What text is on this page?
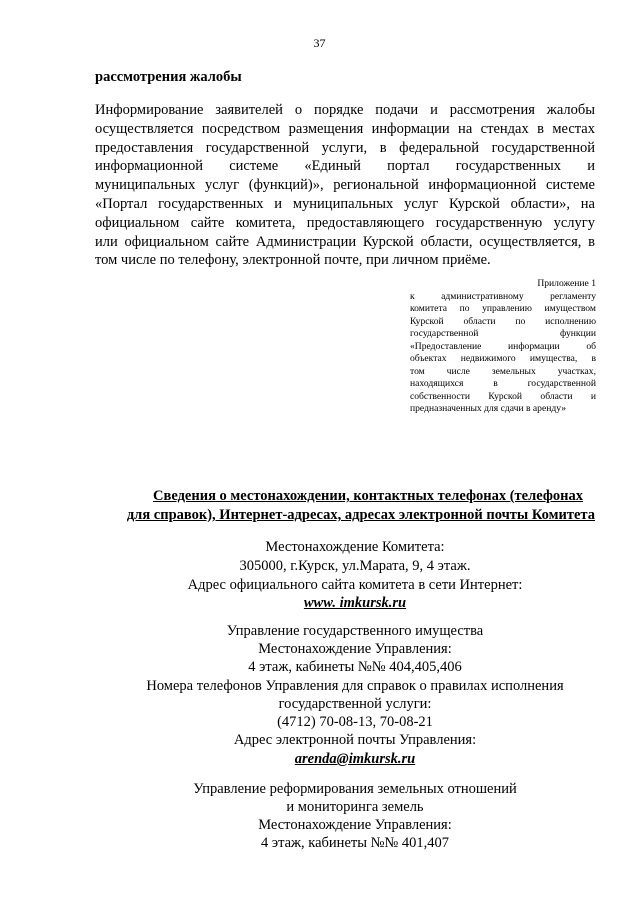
37
рассмотрения жалобы
Информирование заявителей о порядке подачи и рассмотрения жалобы
осуществляется посредством размещения информации на стендах в местах
предоставления государственной услуги, в федеральной государственной
информационной системе «Единый портал государственных и
муниципальных услуг (функций)», региональной информационной системе
«Портал государственных и муниципальных услуг Курской области», на
официальном сайте комитета, предоставляющего государственную услугу
или официальном сайте Администрации Курской области, осуществляется, в
том числе по телефону, электронной почте, при личном приёме.
Приложение 1
к административному регламенту
комитета по управлению имуществом
Курской области по исполнению
государственной функции
«Предоставление информации об
объектах недвижимого имущества, в
том числе земельных участках,
находящихся в государственной
собственности Курской области и
предназначенных для сдачи в аренду»
Сведения о местонахождении, контактных телефонах (телефонах
для справок), Интернет-адресах, адресах электронной почты Комитета
Местонахождение Комитета:
305000, г.Курск, ул.Марата, 9, 4 этаж.
Адрес официального сайта комитета в сети Интернет:
www. imkursk.ru
Управление государственного имущества
Местонахождение Управления:
4 этаж, кабинеты №№ 404,405,406
Номера телефонов Управления для справок о правилах исполнения
государственной услуги:
(4712) 70-08-13, 70-08-21
Адрес электронной почты Управления:
arenda@imkursk.ru
Управление реформирования земельных отношений
и мониторинга земель
Местонахождение Управления:
4 этаж, кабинеты №№ 401,407
